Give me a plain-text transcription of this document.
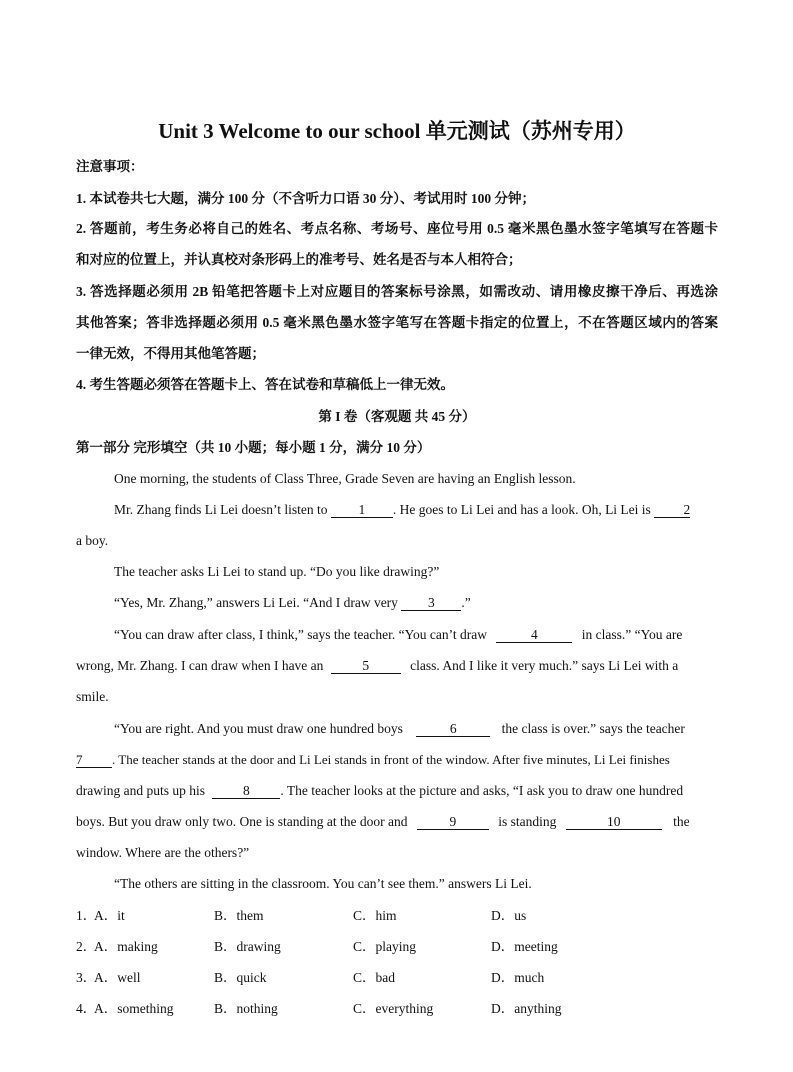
Unit 3 Welcome to our school 单元测试（苏州专用）
注意事项：
1. 本试卷共七大题，满分 100 分（不含听力口语 30 分）、考试用时 100 分钟；
2. 答题前，考生务必将自己的姓名、考点名称、考场号、座位号用 0.5 毫米黑色墨水签字笔填写在答题卡
和对应的位置上，并认真校对条形码上的准考号、姓名是否与本人相符合；
3. 答选择题必须用 2B 铅笔把答题卡上对应题目的答案标号涂黑，如需改动、请用橡皮擦干净后、再选涂
其他答案；答非选择题必须用 0.5 毫米黑色墨水签字笔写在答题卡指定的位置上，不在答题区域内的答案
一律无效，不得用其他笔答题；
4. 考生答题必须答在答题卡上、答在试卷和草稿低上一律无效。
第 I 卷（客观题 共 45 分）
第一部分 完形填空（共 10 小题；每小题 1 分，满分 10 分）
One morning, the students of Class Three, Grade Seven are having an English lesson.
Mr. Zhang finds Li Lei doesn’t listen to 1 . He goes to Li Lei and has a look. Oh, Li Lei is 2
a boy.
The teacher asks Li Lei to stand up. “Do you like drawing?”
“Yes, Mr. Zhang,” answers Li Lei. “And I draw very 3 .”
“You can draw after class, I think,” says the teacher. “You can’t draw	4	in class.” “You are
wrong, Mr. Zhang. I can draw when I have an	5	class. And I like it very much.” says Li Lei with a
smile.
“You are right. And you must draw one hundred boys	6	the class is over.” says the teacher
7 . The teacher stands at the door and Li Lei stands in front of the window. After five minutes, Li Lei finishes
drawing and puts up his	8 . The teacher looks at the picture and asks, “I ask you to draw one hundred
boys. But you draw only two. One is standing at the door and	9	is standing	10	the
window. Where are the others?”
“The others are sitting in the classroom. You can’t see them.” answers Li Lei.
1．
A．it	B．them	C．him	D．us
2．
A．making	B．drawing	C．playing	D．meeting
3．
A．well	B．quick	C．bad	D．much
4．
A．something	B．nothing	C．everything	D．anything
